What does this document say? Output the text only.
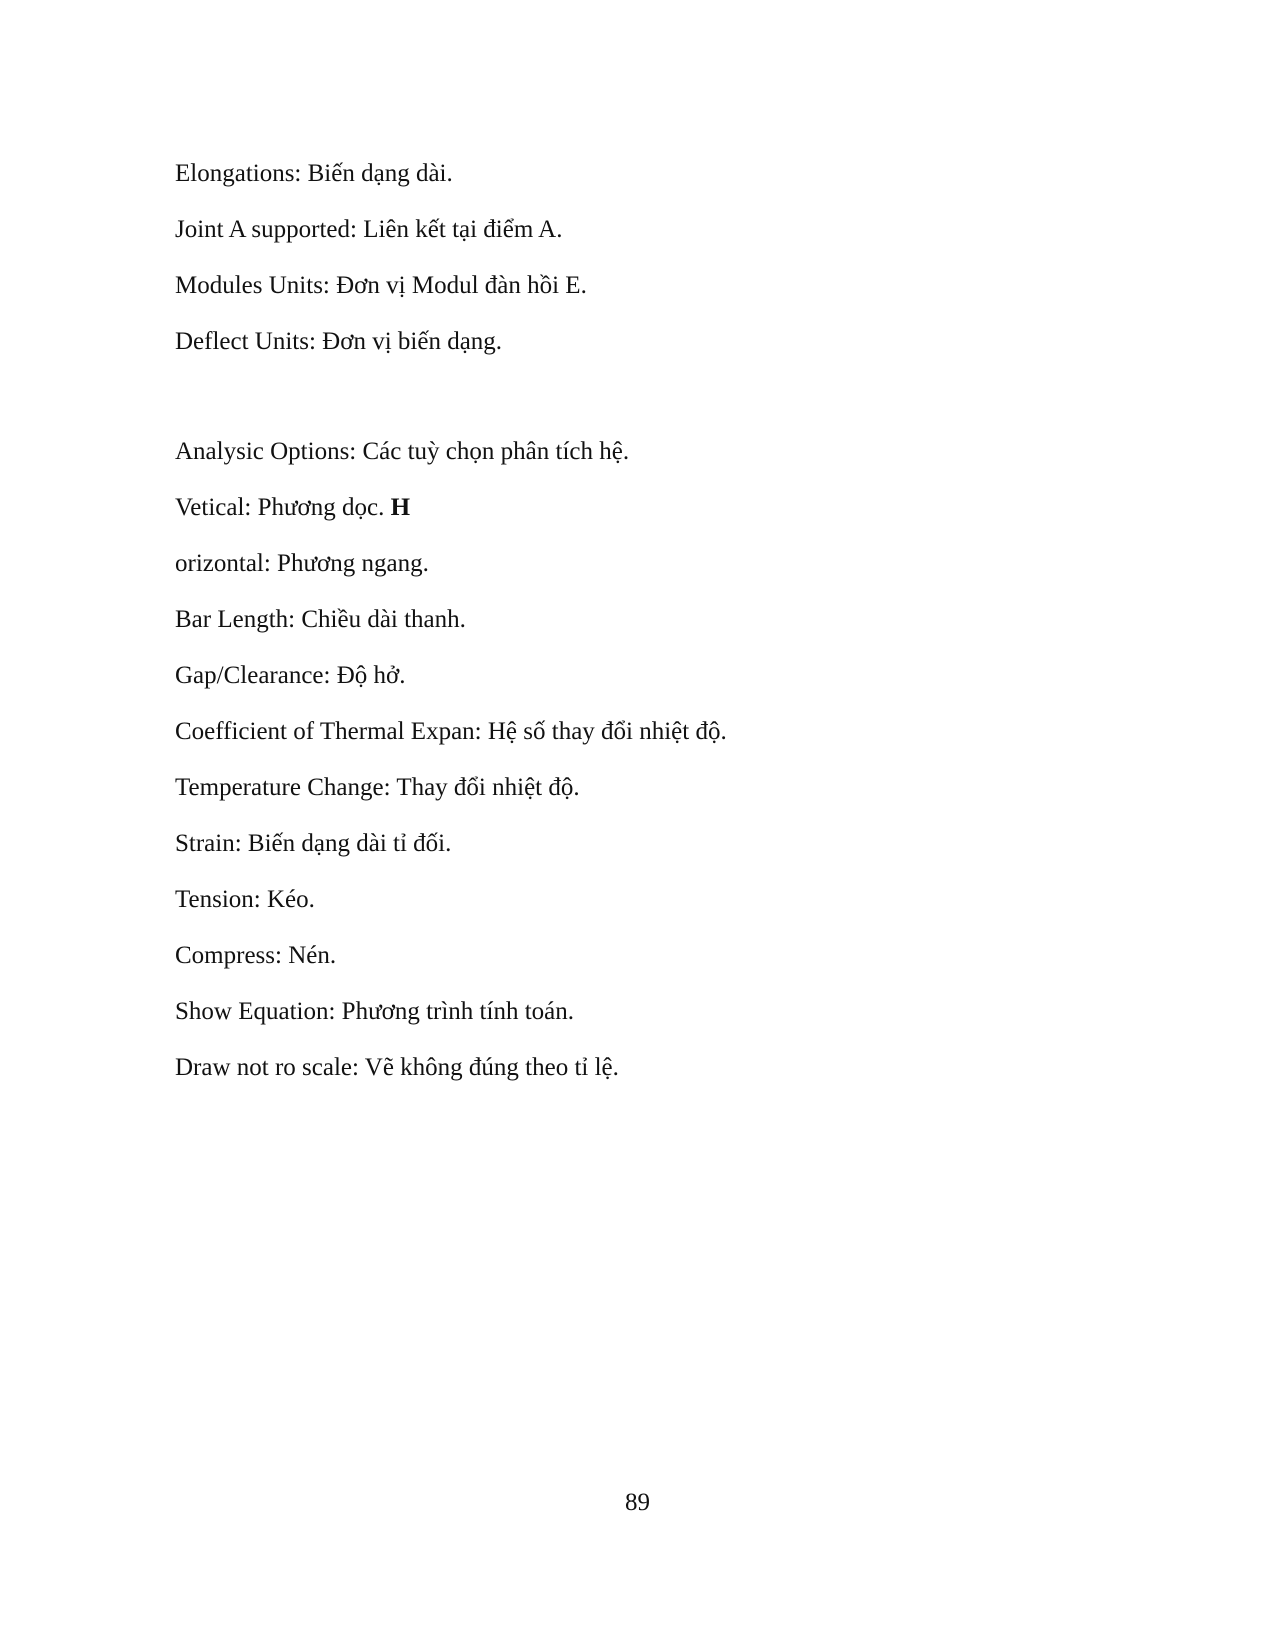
Elongations: Biến dạng dài.
Joint A supported: Liên kết tại điểm A.
Modules Units: Đơn vị Modul đàn hồi E.
Deflect Units: Đơn vị biến dạng.
Analysic Options: Các tuỳ chọn phân tích hệ.
Vetical: Phương dọc. H
orizontal: Phương ngang.
Bar Length: Chiều dài thanh.
Gap/Clearance: Độ hở.
Coefficient of Thermal Expan: Hệ số thay đổi nhiệt độ.
Temperature Change: Thay đổi nhiệt độ.
Strain: Biến dạng dài tỉ đối.
Tension: Kéo.
Compress: Nén.
Show Equation: Phương trình tính toán.
Draw not ro scale: Vẽ không đúng theo tỉ lệ.
89
